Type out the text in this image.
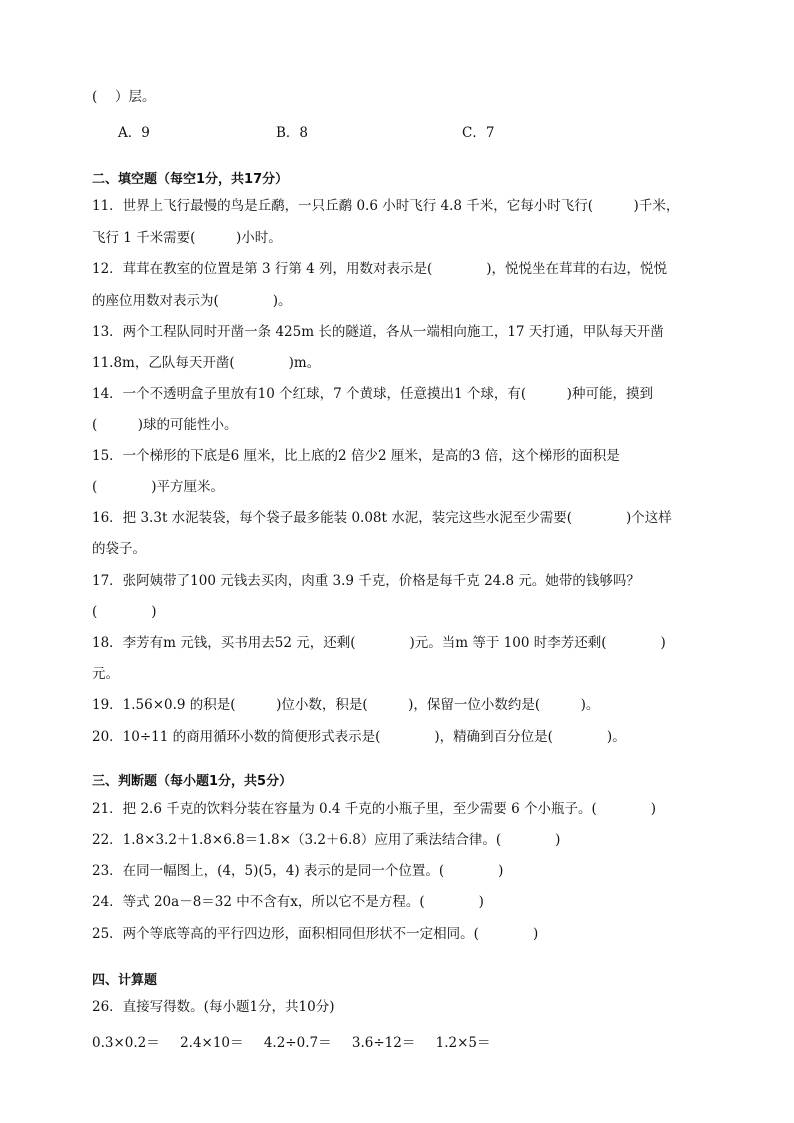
(　 ）层。
A．9	B．8	C．7
二、填空题（每空1分，共17分）
11．世界上飞行最慢的鸟是丘鹬，一只丘鹬 0.6 小时飞行 4.8 千米，它每小时飞行(　　　)千米，
飞行 1 千米需要(　　　)小时。
12．茸茸在教室的位置是第 3 行第 4 列，用数对表示是(　　　　)，悦悦坐在茸茸的右边，悦悦
的座位用数对表示为(　　　　)。
13．两个工程队同时开凿一条 425m 长的隧道，各从一端相向施工，17 天打通，甲队每天开凿
11.8m，乙队每天开凿(　　　　)m。
14．一个不透明盒子里放有10 个红球，7 个黄球，任意摸出1 个球，有(　　　)种可能，摸到
(　　　)球的可能性小。
15．一个梯形的下底是6 厘米，比上底的2 倍少2 厘米，是高的3 倍，这个梯形的面积是
(　　　　)平方厘米。
16．把 3.3t 水泥装袋，每个袋子最多能装 0.08t 水泥，装完这些水泥至少需要(　　　　)个这样
的袋子。
17．张阿姨带了100 元钱去买肉，肉重 3.9 千克，价格是每千克 24.8 元。她带的钱够吗？
(　　　　)
18．李芳有m 元钱，买书用去52 元，还剩(　　　　)元。当m 等于 100 时李芳还剩(　　　　)
元。
19．1.56×0.9 的积是(　　　)位小数，积是(　　　)，保留一位小数约是(　　　)。
20．10÷11 的商用循环小数的简便形式表示是(　　　　)，精确到百分位是(　　　　)。
三、判断题（每小题1分，共5分）
21．把 2.6 千克的饮料分装在容量为 0.4 千克的小瓶子里，至少需要 6 个小瓶子。(　　　　)
22．1.8×3.2＋1.8×6.8＝1.8×（3.2＋6.8）应用了乘法结合律。(　　　　)
23．在同一幅图上，(4，5)(5，4) 表示的是同一个位置。(　　　　)
24．等式 20a－8＝32 中不含有x，所以它不是方程。(　　　　)
25．两个等底等高的平行四边形，面积相同但形状不一定相同。(　　　　)
四、计算题
26．直接写得数。(每小题1分，共10分)
0.3×0.2＝ 2.4×10＝ 4.2÷0.7＝ 3.6÷12＝ 1.2×5＝
